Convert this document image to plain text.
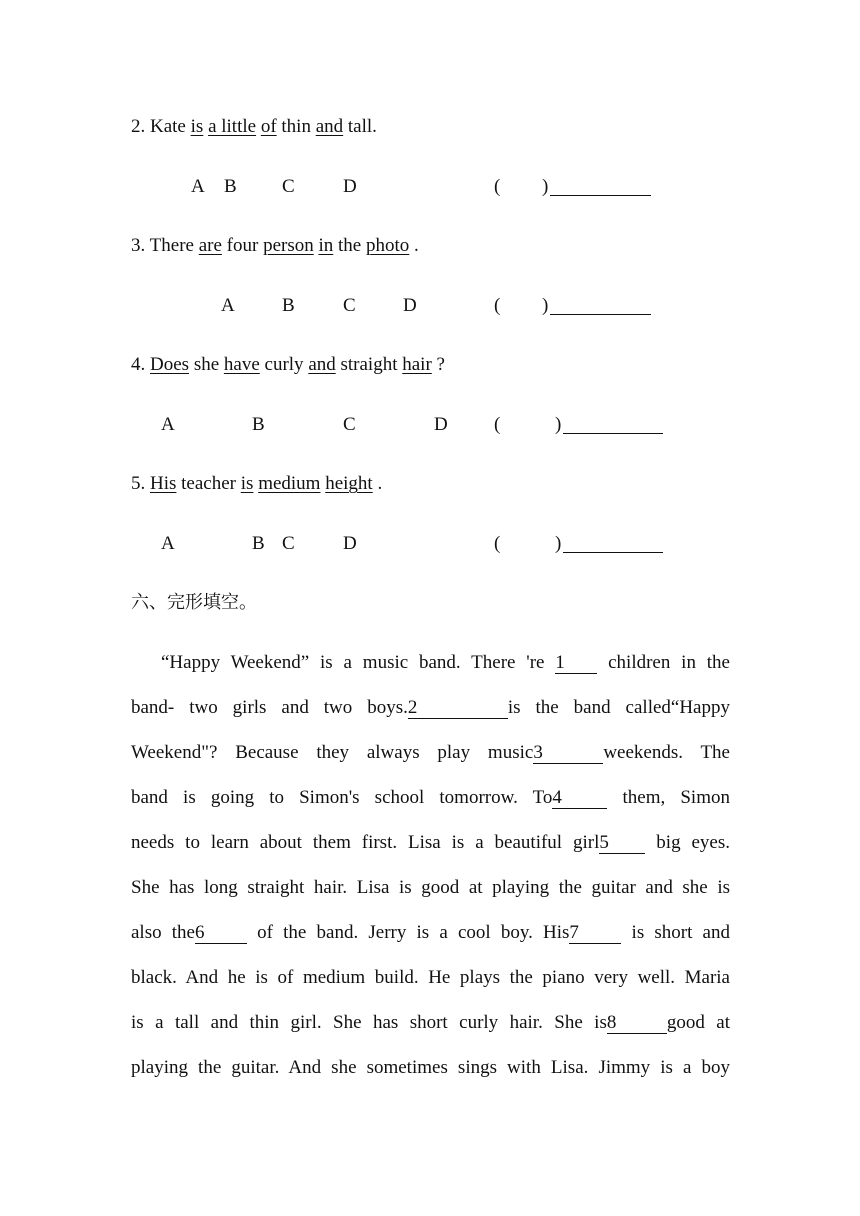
2. Kate is a little of thin and tall.
A B C	D	( )
3. There are four person in the photo .
A B	C D	( )
4. Does she have curly and straight hair ?
A	B	C	D (	)
5. His teacher is medium height .
A	B C	D	(	)
六、完形填空。
“Happy Weekend” is a music band. There 're 1 children in the
band- two girls and two boys.2	is the band called“Happy
Weekend"? Because they always play music3	weekends. The
band is going to Simon's school tomorrow. To4 them, Simon
needs to learn about them first. Lisa is a beautiful girl5 big eyes.
She has long straight hair. Lisa is good at playing the guitar and she is
also the6 of the band. Jerry is a cool boy. His7 is short and
black. And he is of medium build. He plays the piano very well. Maria
is a tall and thin girl. She has short curly hair. She is8	good at
playing the guitar. And she sometimes sings with Lisa. Jimmy is a boy
